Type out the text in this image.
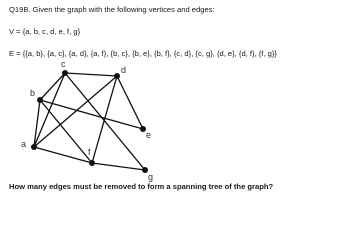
Q19B. Given the graph with the following vertices and edges:
V = {a, b, c, d, e, f, g}
E = {{a, b}, {a, c}, {a, d}, {a, f}, {b, c}, {b, e}, {b, f}, {c, d}, {c, g}, {d, e}, {d, f}, {f, g}}
a
b
c
d
e
f
g
How many edges must be removed to form a spanning tree of the graph?
